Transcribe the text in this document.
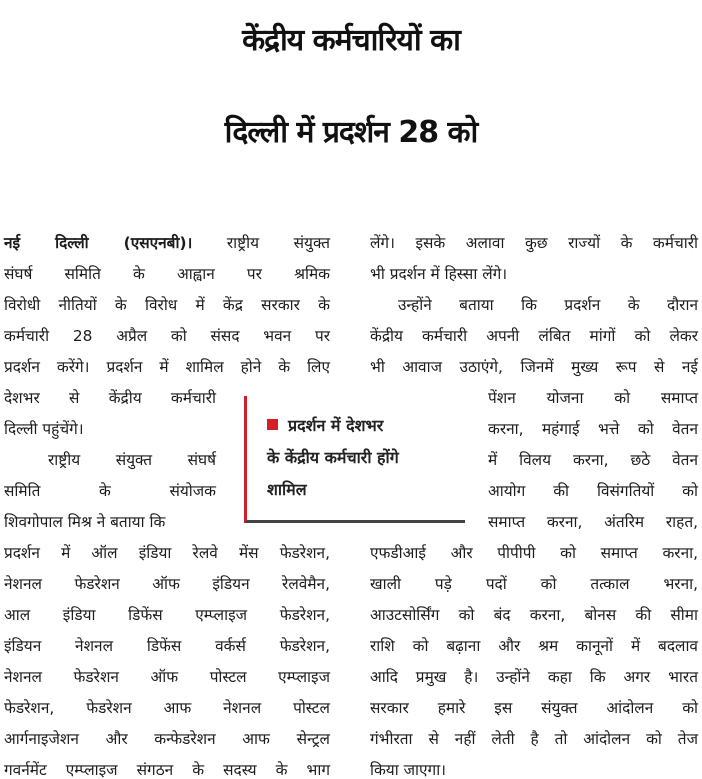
केंद्रीय कर्मचारियों का
दिल्ली में प्रदर्शन 28 को
नई दिल्ली (एसएनबी)। राष्ट्रीय संयुक्त
संघर्ष समिति के आह्वान पर श्रमिक
विरोधी नीतियों के विरोध में केंद्र सरकार के
कर्मचारी 28 अप्रैल को संसद भवन पर
प्रदर्शन करेंगे। प्रदर्शन में शामिल होने के लिए
देशभर से केंद्रीय कर्मचारी
दिल्ली पहुंचेंगे।
राष्ट्रीय संयुक्त संघर्ष
समिति के संयोजक
शिवगोपाल मिश्र ने बताया कि
प्रदर्शन में ऑल इंडिया रेलवे मेंस फेडरेशन,
नेशनल फेडरेशन ऑफ इंडियन रेलवेमैन,
आल इंडिया डिफेंस एम्प्लाइज फेडरेशन,
इंडियन नेशनल डिफेंस वर्कर्स फेडरेशन,
नेशनल फेडरेशन ऑफ पोस्टल एम्प्लाइज
फेडरेशन, फेडरेशन आफ नेशनल पोस्टल
आर्गनाइजेशन और कन्फेडरेशन आफ सेन्ट्रल
गवर्नमेंट एम्प्लाइज संगठन के सदस्य के भाग
लेंगे। इसके अलावा कुछ राज्यों के कर्मचारी
भी प्रदर्शन में हिस्सा लेंगे।
उन्होंने बताया कि प्रदर्शन के दौरान
केंद्रीय कर्मचारी अपनी लंबित मांगों को लेकर
भी आवाज उठाएंगे, जिनमें मुख्य रूप से नई
पेंशन योजना को समाप्त
करना, महंगाई भत्ते को वेतन
में विलय करना, छठे वेतन
आयोग की विसंगतियों को
समाप्त करना, अंतरिम राहत,
एफडीआई और पीपीपी को समाप्त करना,
खाली पड़े पदों को तत्काल भरना,
आउटसोर्सिंग को बंद करना, बोनस की सीमा
राशि को बढ़ाना और श्रम कानूनों में बदलाव
आदि प्रमुख है। उन्होंने कहा कि अगर भारत
सरकार हमारे इस संयुक्त आंदोलन को
गंभीरता से नहीं लेती है तो आंदोलन को तेज
किया जाएगा।
प्रदर्शन में देशभर
के केंद्रीय कर्मचारी होंगे
शामिल
